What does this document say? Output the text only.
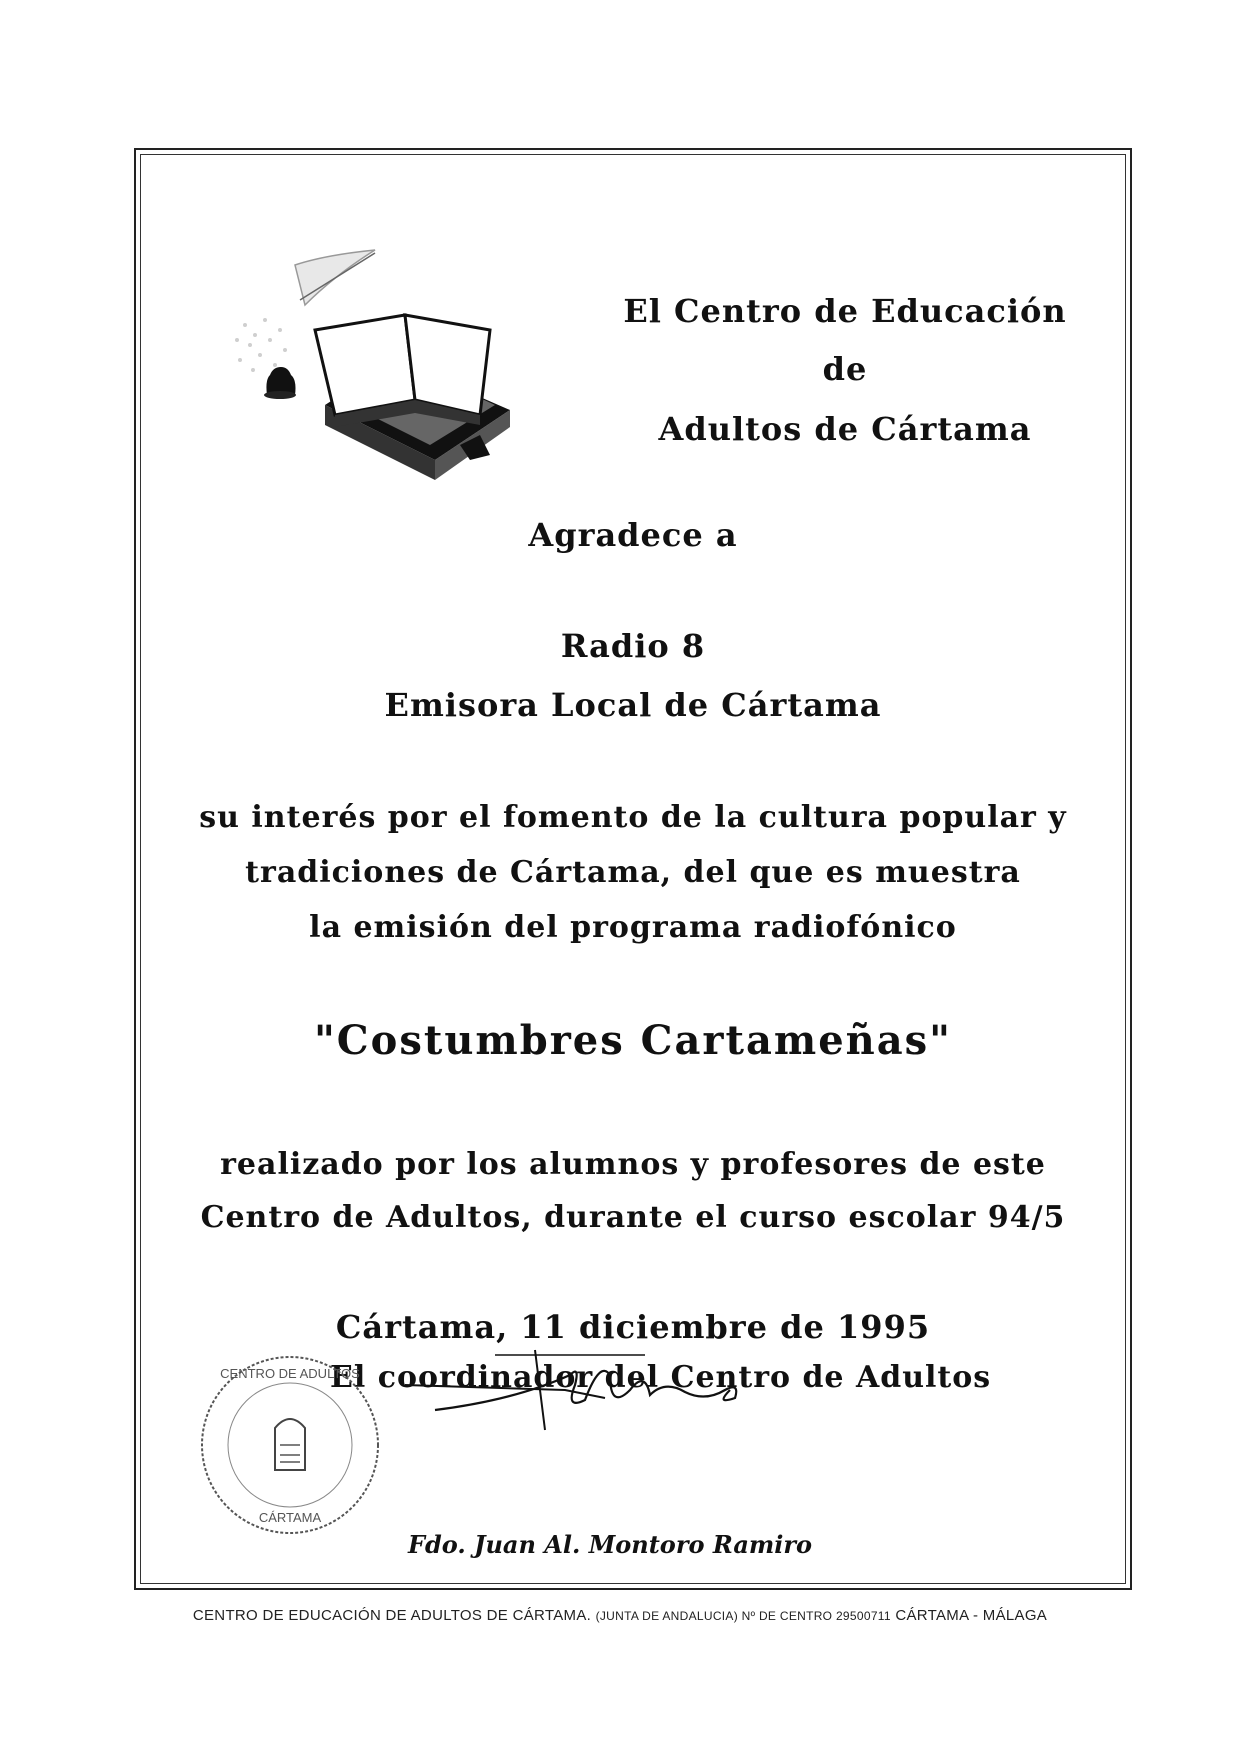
El Centro de Educación
de
Adultos de Cártama
Agradece a
Radio 8
Emisora Local de Cártama
su interés por el fomento de la cultura popular y
tradiciones de Cártama, del que es muestra
la emisión del programa radiofónico
"Costumbres Cartameñas"
realizado por los alumnos y profesores de este
Centro de Adultos, durante el curso escolar 94/5
Cártama, 11 diciembre de 1995
El coordinador del Centro de Adultos
CENTRO DE ADULTOS
CÁRTAMA
Fdo. Juan Al. Montoro Ramiro
CENTRO DE EDUCACIÓN DE ADULTOS DE CÁRTAMA. (JUNTA DE ANDALUCIA) Nº DE CENTRO 29500711 CÁRTAMA - MÁLAGA
